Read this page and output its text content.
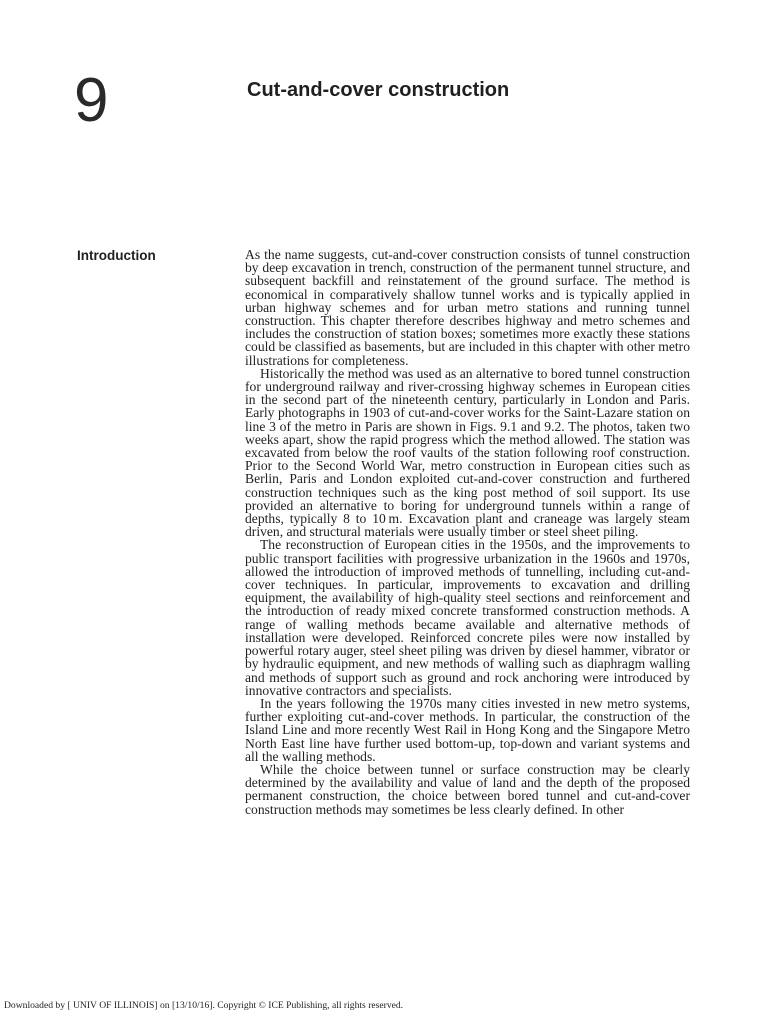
9	Cut-and-cover construction
Introduction	As the name suggests, cut-and-cover construction consists of tunnel construction by deep excavation in trench, construction of the permanent tunnel structure, and subsequent backfill and reinstatement of the ground surface. The method is economical in comparatively shallow tunnel works and is typically applied in urban highway schemes and for urban metro stations and running tunnel construction. This chapter therefore describes highway and metro schemes and includes the construction of station boxes; sometimes more exactly these stations could be classified as basements, but are included in this chapter with other metro illustrations for completeness.

Historically the method was used as an alternative to bored tunnel construction for underground railway and river-crossing highway schemes in European cities in the second part of the nineteenth century, particularly in London and Paris. Early photographs in 1903 of cut-and-cover works for the Saint-Lazare station on line 3 of the metro in Paris are shown in Figs. 9.1 and 9.2. The photos, taken two weeks apart, show the rapid progress which the method allowed. The station was excavated from below the roof vaults of the station following roof construction. Prior to the Second World War, metro construction in European cities such as Berlin, Paris and London exploited cut-and-cover construction and furthered construction techniques such as the king post method of soil support. Its use provided an alternative to boring for underground tunnels within a range of depths, typically 8 to 10 m. Excavation plant and craneage was largely steam driven, and structural materials were usually timber or steel sheet piling.

The reconstruction of European cities in the 1950s, and the improvements to public transport facilities with progressive urbanization in the 1960s and 1970s, allowed the introduction of improved methods of tunnelling, including cut-and-cover techniques. In particular, improvements to excavation and drilling equipment, the availability of high-quality steel sections and reinforcement and the introduction of ready mixed concrete transformed construction methods. A range of walling methods became available and alternative methods of installation were developed. Reinforced concrete piles were now installed by powerful rotary auger, steel sheet piling was driven by diesel hammer, vibrator or by hydraulic equipment, and new methods of walling such as diaphragm walling and methods of support such as ground and rock anchoring were introduced by innovative contractors and specialists.

In the years following the 1970s many cities invested in new metro systems, further exploiting cut-and-cover methods. In particular, the construction of the Island Line and more recently West Rail in Hong Kong and the Singapore Metro North East line have further used bottom-up, top-down and variant systems and all the walling methods.

While the choice between tunnel or surface construction may be clearly determined by the availability and value of land and the depth of the proposed permanent construction, the choice between bored tunnel and cut-and-cover construction methods may sometimes be less clearly defined. In other

Downloaded by [ UNIV OF ILLINOIS] on [13/10/16]. Copyright © ICE Publishing, all rights reserved.
